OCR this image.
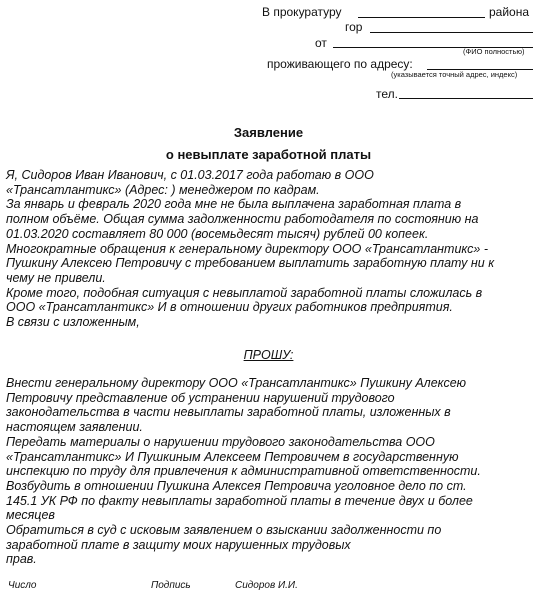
В прокуратуру	района
гор
от
(ФИО полностью)
проживающего по адресу:
(указывается точный адрес, индекс)
тел.
Заявление
о невыплате заработной платы
Я, Сидоров Иван Иванович, с 01.03.2017 года работаю в ООО
«Трансатлантикс» (Адрес: ) менеджером по кадрам.
За январь и февраль 2020 года мне не была выплачена заработная плата в
полном объёме. Общая сумма задолженности работодателя по состоянию на
01.03.2020 составляет 80 000 (восемьдесят тысяч) рублей 00 копеек.
Многократные обращения к генеральному директору ООО «Трансатлантикс» -
Пушкину Алексею Петровичу с требованием выплатить заработную плату ни к
чему не привели.
Кроме того, подобная ситуация с невыплатой заработной платы сложилась в
ООО «Трансатлантикс» И в отношении других работников предприятия.
В связи с изложенным,
ПРОШУ:
Внести генеральному директору ООО «Трансатлантикс» Пушкину Алексею
Петровичу представление об устранении нарушений трудового
законодательства в части невыплаты заработной платы, изложенных в
настоящем заявлении.
Передать материалы о нарушении трудового законодательства ООО
«Трансатлантикс» И Пушкиным Алексеем Петровичем в государственную
инспекцию по труду для привлечения к административной ответственности.
Возбудить в отношении Пушкина Алексея Петровича уголовное дело по ст.
145.1 УК РФ по факту невыплаты заработной платы в течение двух и более
месяцев
Обратиться в суд с исковым заявлением о взыскании задолженности по
заработной плате в защиту моих нарушенных трудовых
прав.
Число	Подпись	Сидоров И.И.
